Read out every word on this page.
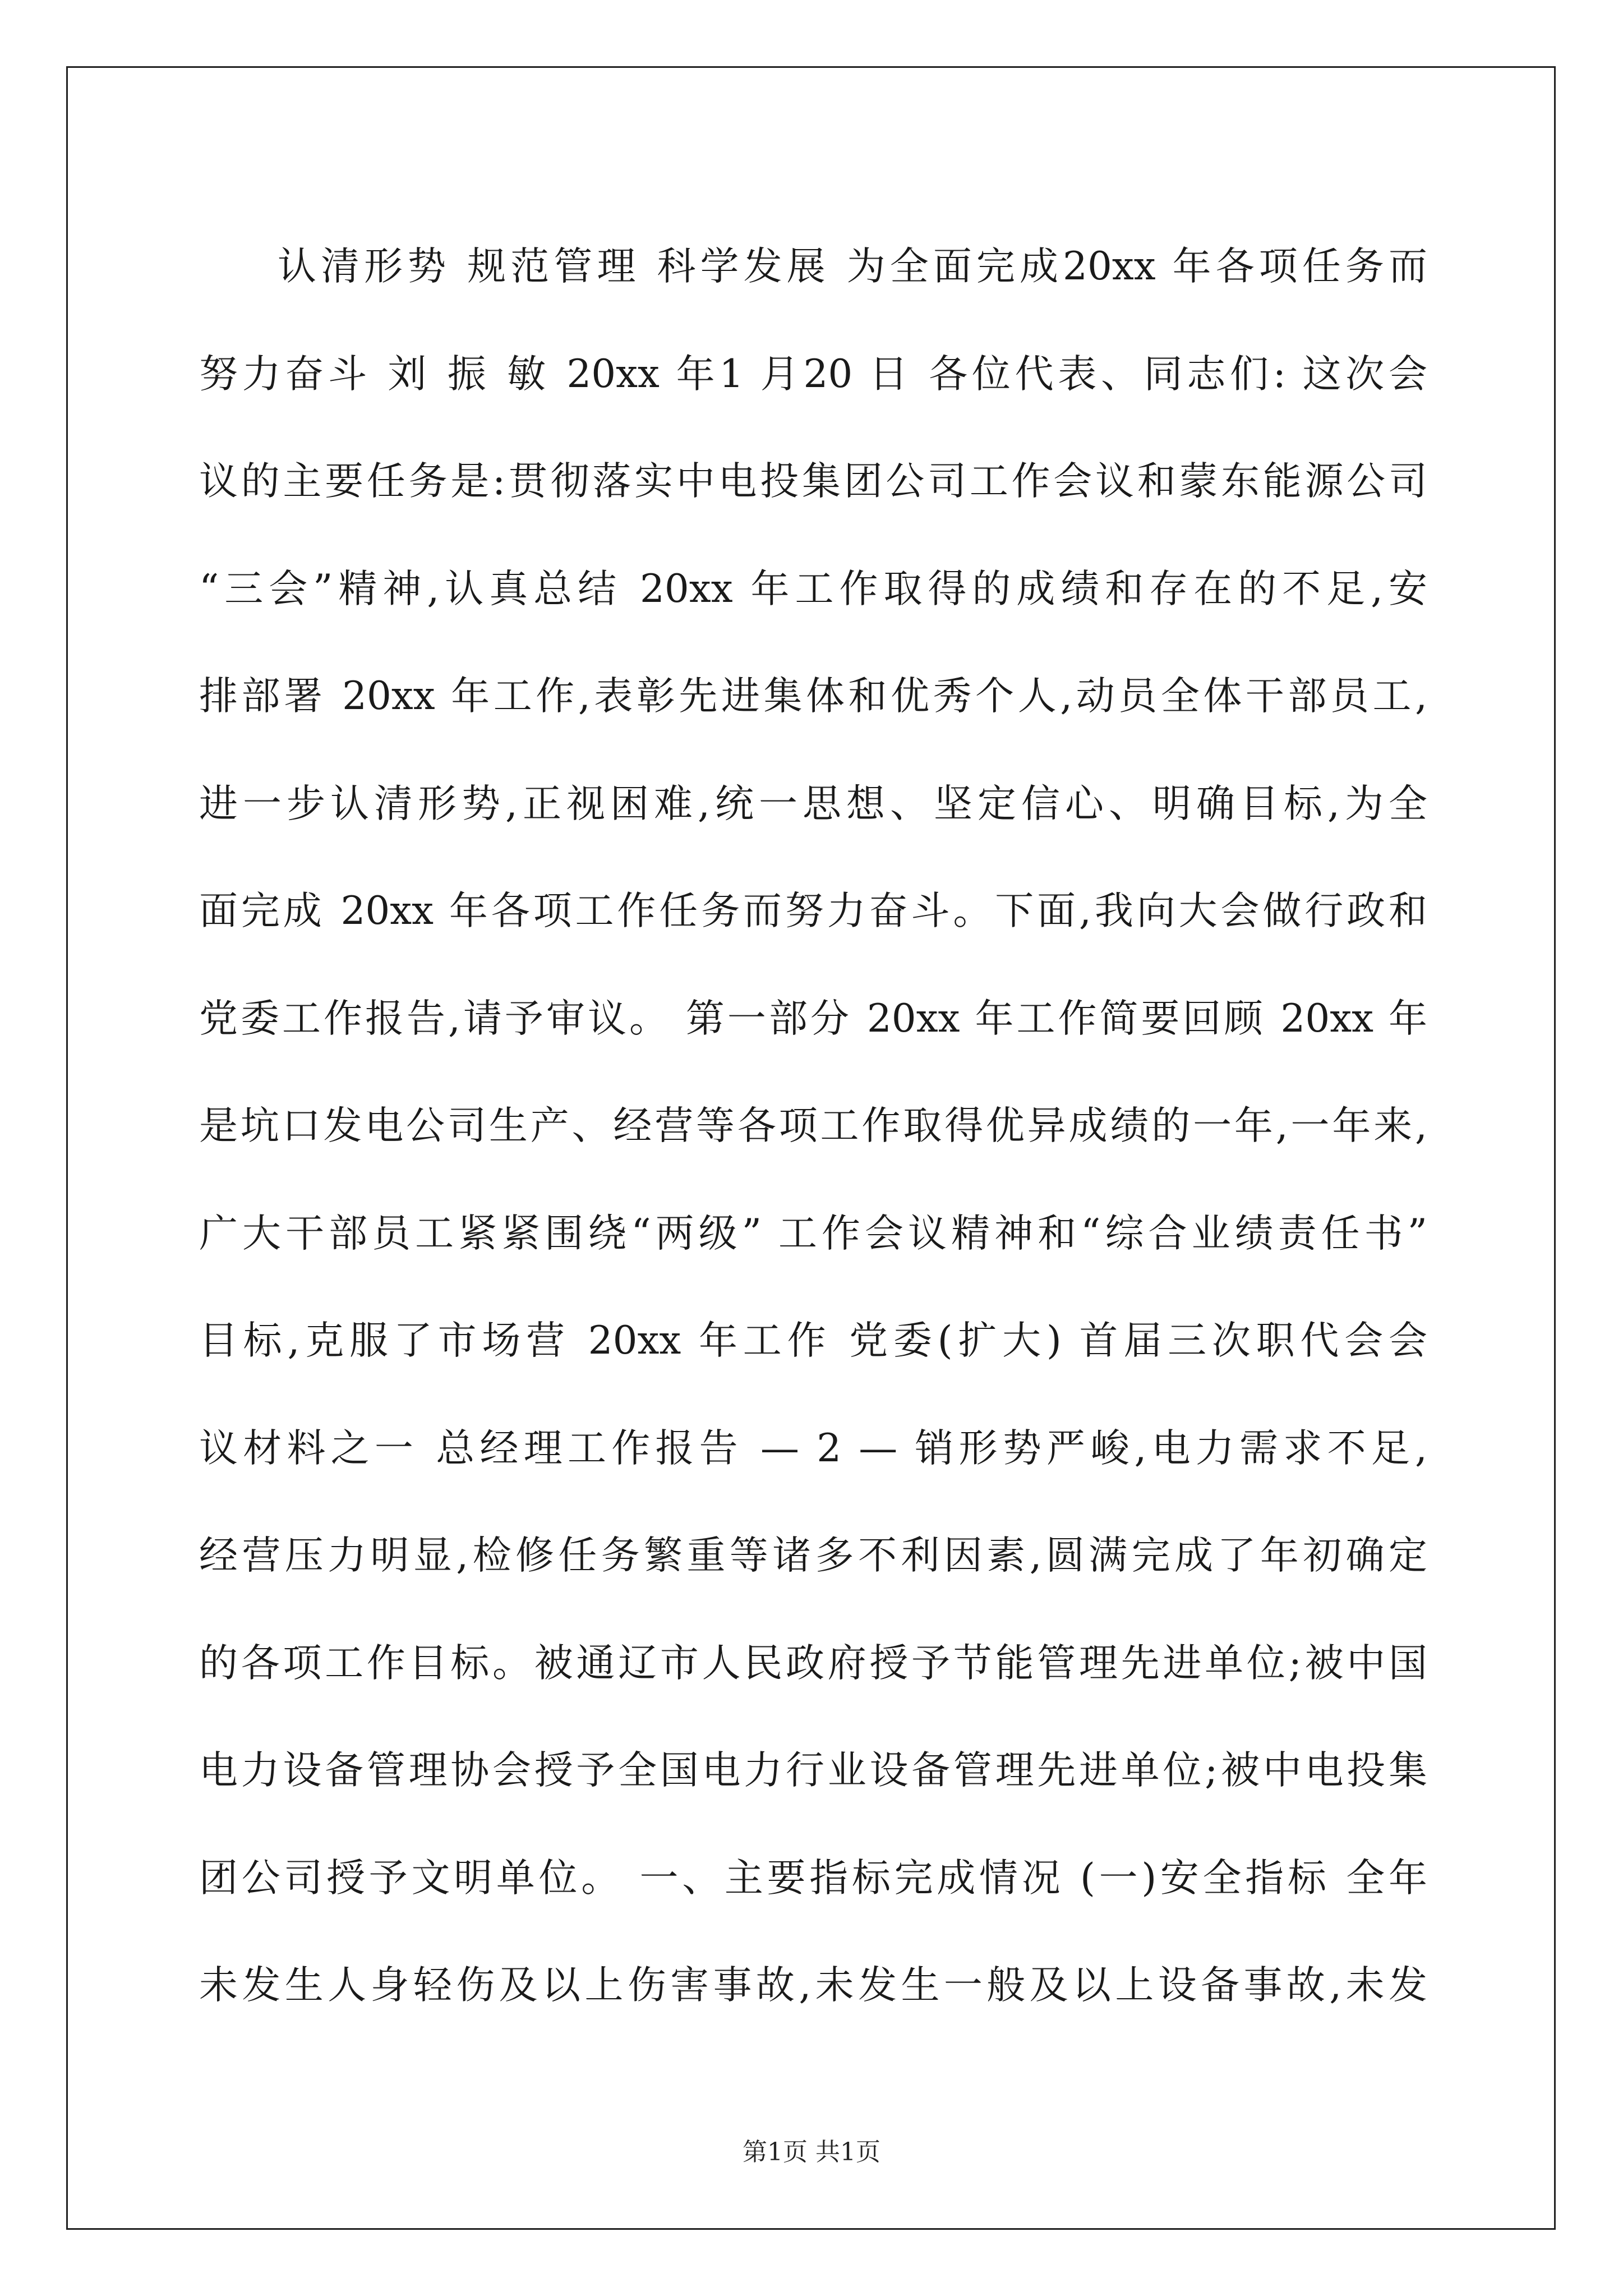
认清形势 规范管理 科学发展 为全面完成20xx 年各项任务而
努力奋斗 刘 振 敏 20xx 年1 月20 日 各位代表、同志们: 这次会
议的主要任务是:贯彻落实中电投集团公司工作会议和蒙东能源公司
“三会”精神,认真总结 20xx 年工作取得的成绩和存在的不足,安
排部署 20xx 年工作,表彰先进集体和优秀个人,动员全体干部员工,
进一步认清形势,正视困难,统一思想、坚定信心、明确目标,为全
面完成 20xx 年各项工作任务而努力奋斗。下面,我向大会做行政和
党委工作报告,请予审议。 第一部分 20xx 年工作简要回顾 20xx 年
是坑口发电公司生产、经营等各项工作取得优异成绩的一年,一年来,
广大干部员工紧紧围绕“两级” 工作会议精神和“综合业绩责任书”
目标,克服了市场营 20xx 年工作 党委(扩大) 首届三次职代会会
议材料之一 总经理工作报告 — 2 — 销形势严峻,电力需求不足,
经营压力明显,检修任务繁重等诸多不利因素,圆满完成了年初确定
的各项工作目标。被通辽市人民政府授予节能管理先进单位;被中国
电力设备管理协会授予全国电力行业设备管理先进单位;被中电投集
团公司授予文明单位。 一、主要指标完成情况 (一)安全指标 全年
未发生人身轻伤及以上伤害事故,未发生一般及以上设备事故,未发
第1页 共1页
